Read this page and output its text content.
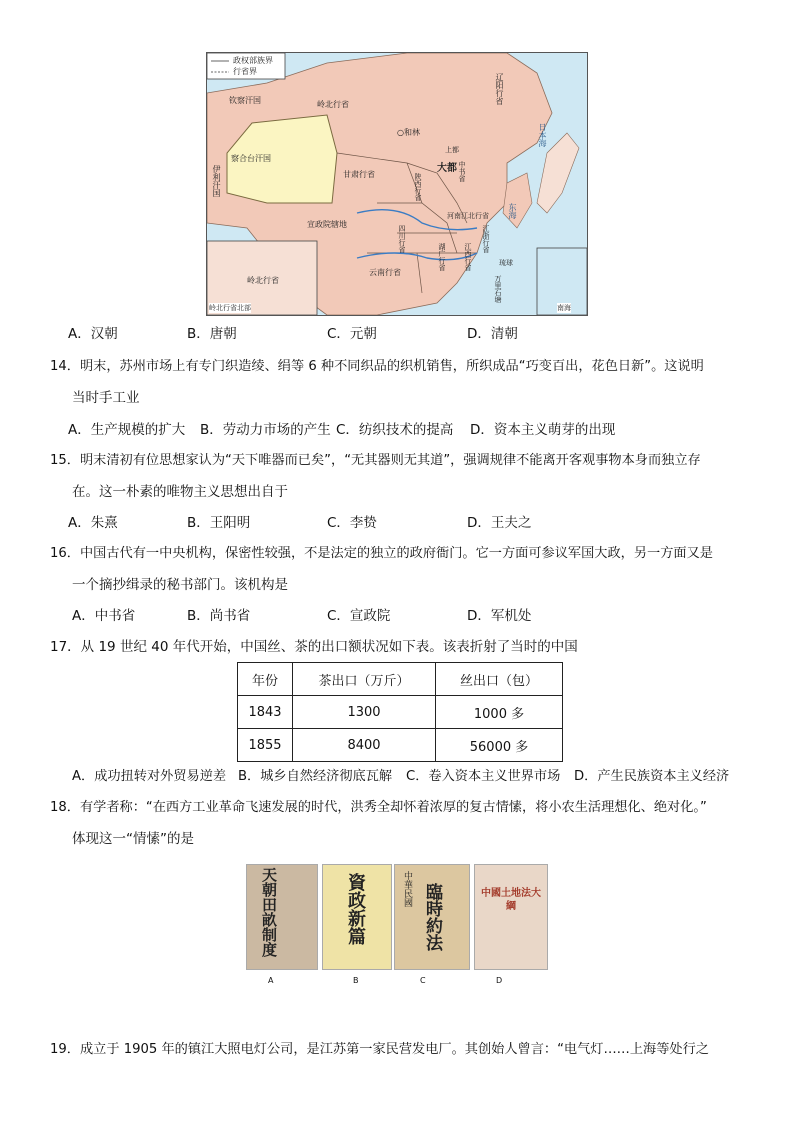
政权部族界
行省界
钦察汗国
察合台汗国
伊利汗国
岭北行省
○和林
辽阳行省
上都
大都 中书省
甘肃行省	陕西行省
河南江北行省
宣政院辖地
四川行省
湖广行省
江浙行省
江西行省
云南行省
琉球
万里石塘
日本海
东海
岭北行省
岭北行省北部	南海
A．汉朝	B．唐朝	C．元朝	D．清朝
14．明末，苏州市场上有专门织造绫、绢等 6 种不同织品的织机销售，所织成品“巧变百出，花色日新”。这说明
当时手工业
A．生产规模的扩大 B．劳动力市场的产生 C．纺织技术的提高 D．资本主义萌芽的出现
15．明末清初有位思想家认为“天下唯器而已矣”，“无其器则无其道”，强调规律不能离开客观事物本身而独立存
在。这一朴素的唯物主义思想出自于
A．朱熹	B．王阳明	C．李贽	D．王夫之
16．中国古代有一中央机构，保密性较强，不是法定的独立的政府衙门。它一方面可参议军国大政，另一方面又是
一个摘抄缉录的秘书部门。该机构是
A．中书省	B．尚书省	C．宣政院	D．军机处
17．从 19 世纪 40 年代开始，中国丝、茶的出口额状况如下表。该表折射了当时的中国
年份	茶出口（万斤）	丝出口（包）
1843	1300	1000 多
1855	8400	56000 多
A．成功扭转对外贸易逆差 B．城乡自然经济彻底瓦解 C．卷入资本主义世界市场 D．产生民族资本主义经济
18．有学者称：“在西方工业革命飞速发展的时代，洪秀全却怀着浓厚的复古情愫，将小农生活理想化、绝对化。”
体现这一“情愫”的是
天朝田畝制度
A
資政新篇
B
中華民國 臨時約法
C
中國土地法大綱
D
19．成立于 1905 年的镇江大照电灯公司，是江苏第一家民营发电厂。其创始人曾言：“电气灯……上海等处行之
